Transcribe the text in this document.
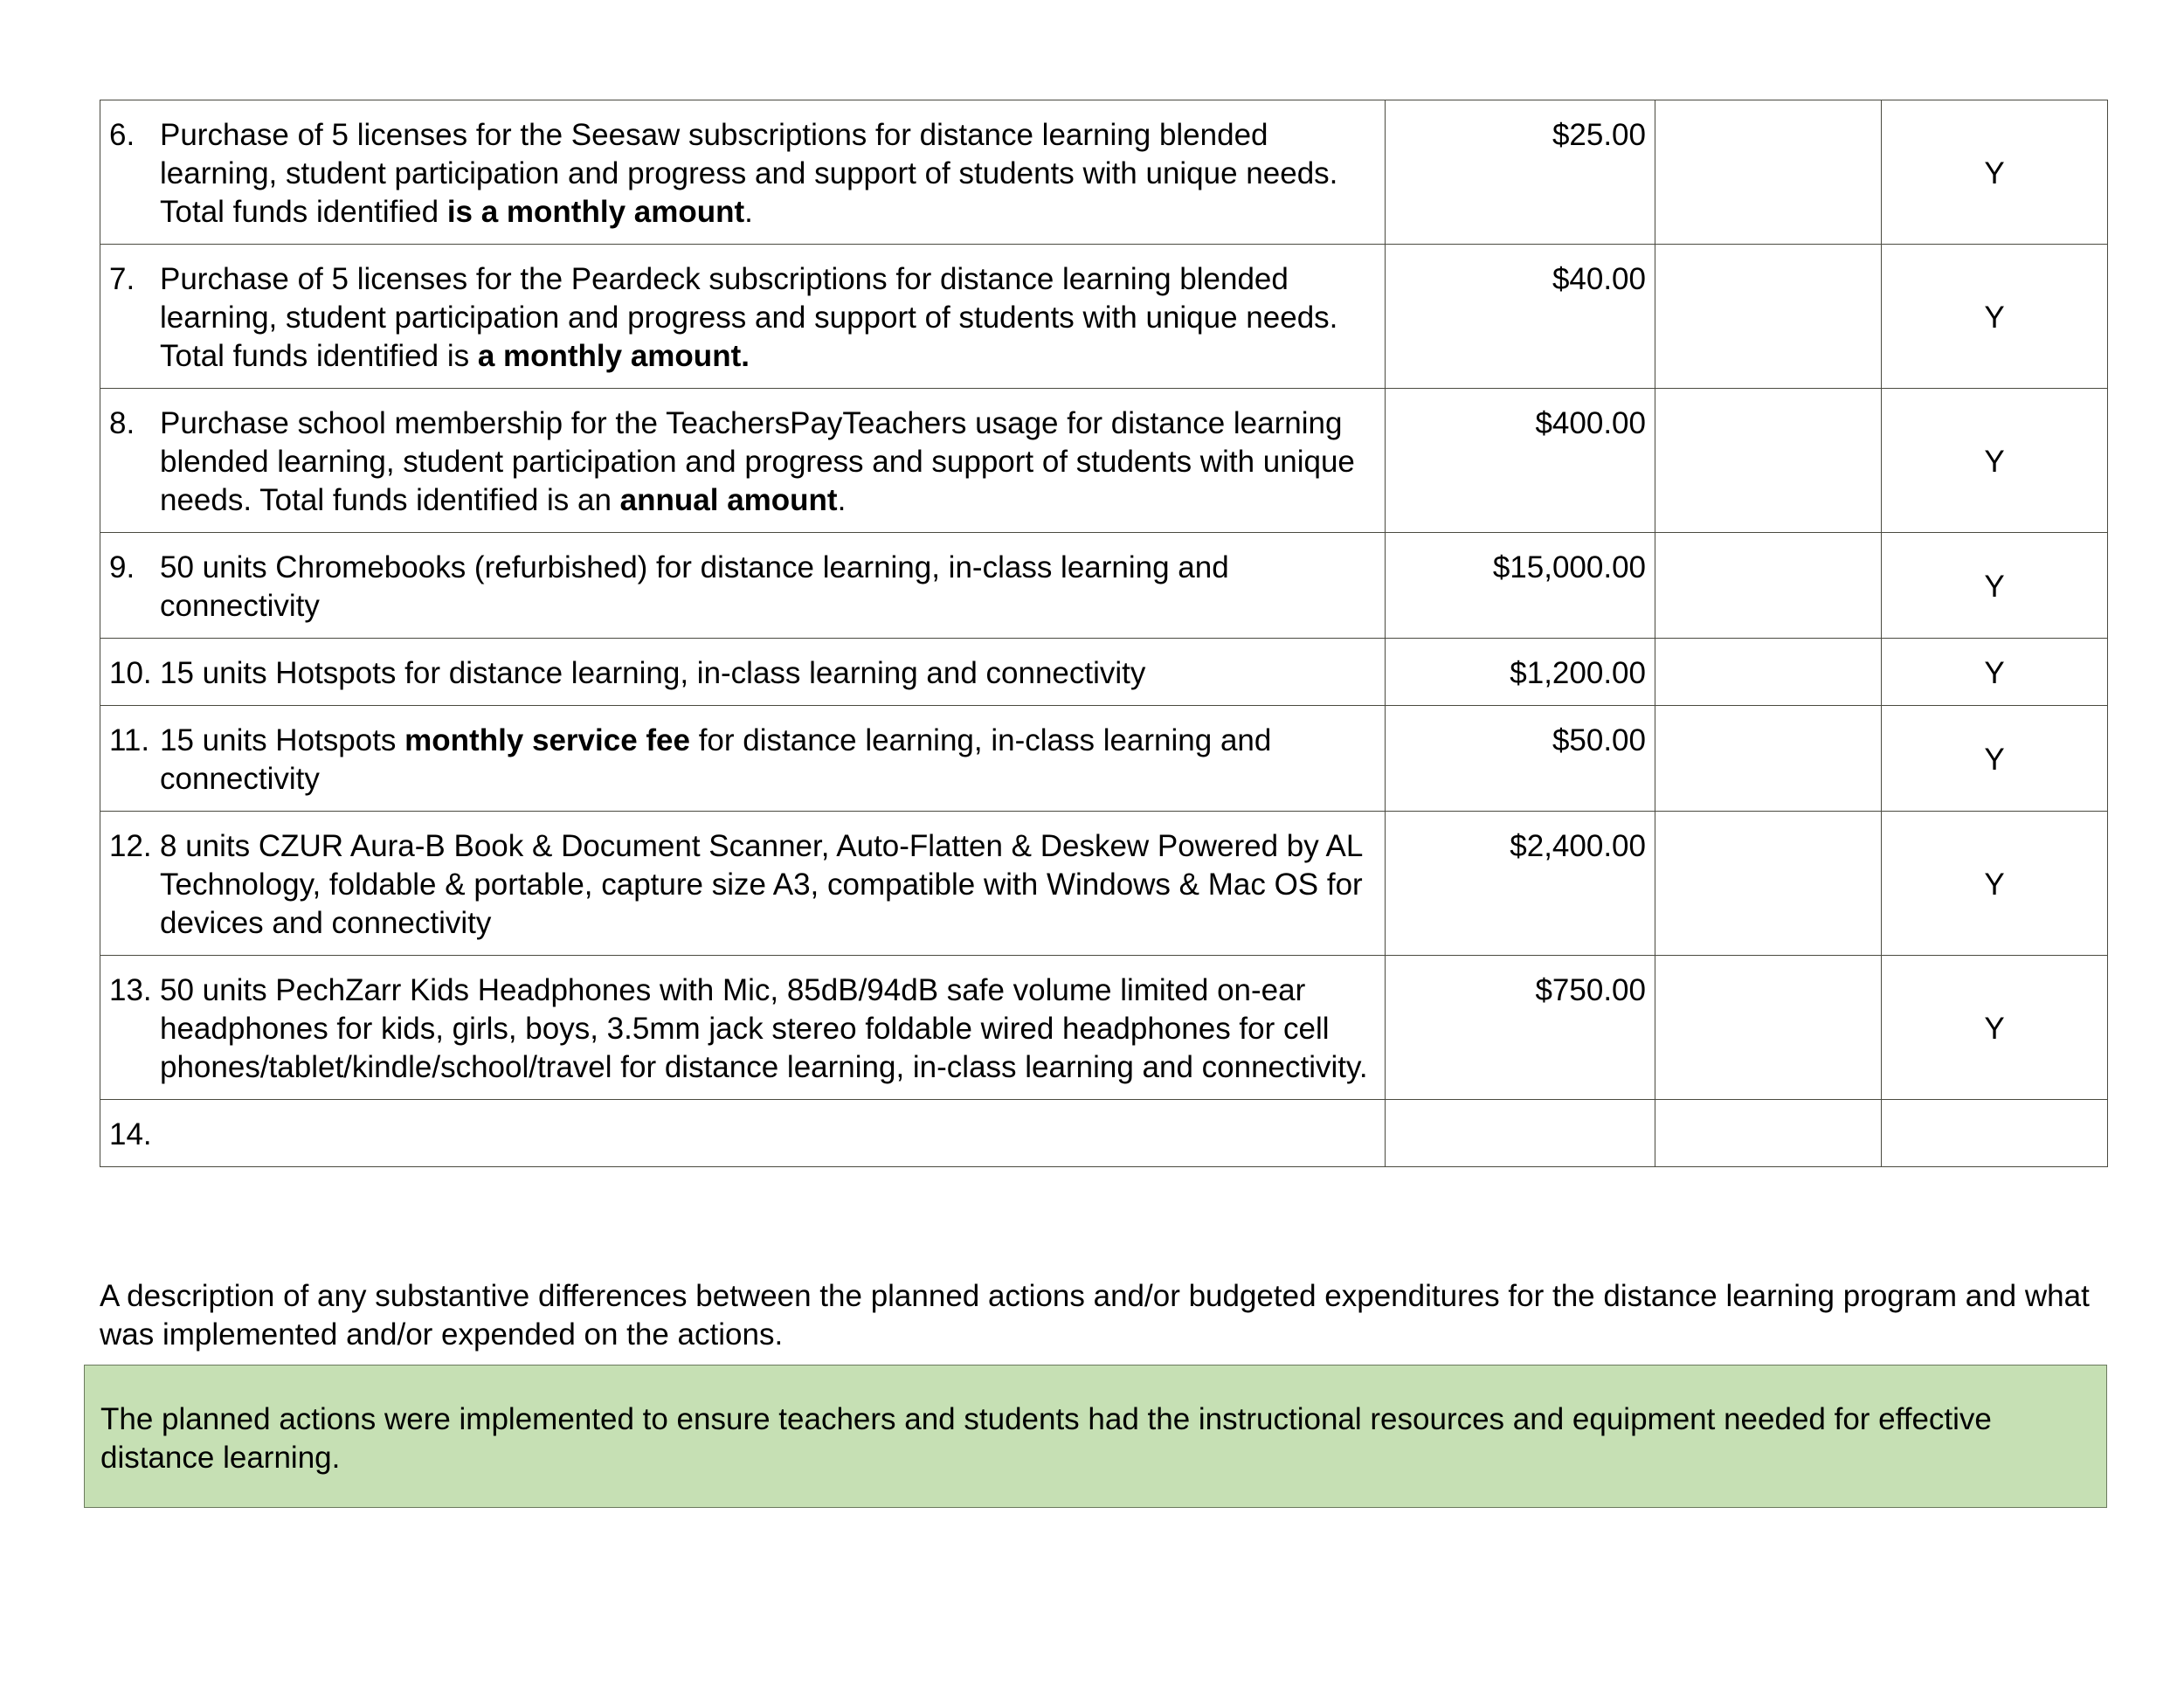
6. Purchase of 5 licenses for the Seesaw subscriptions for distance learning blended learning, student participation and progress and support of students with unique needs. Total funds identified is a monthly amount.	$25.00		Y

7. Purchase of 5 licenses for the Peardeck subscriptions for distance learning blended learning, student participation and progress and support of students with unique needs. Total funds identified is a monthly amount.	$40.00		Y

8. Purchase school membership for the TeachersPayTeachers usage for distance learning blended learning, student participation and progress and support of students with unique needs. Total funds identified is an annual amount.	$400.00		Y

9. 50 units Chromebooks (refurbished) for distance learning, in-class learning and connectivity	$15,000.00		Y

10. 15 units Hotspots for distance learning, in-class learning and connectivity	$1,200.00		Y

11. 15 units Hotspots monthly service fee for distance learning, in-class learning and connectivity	$50.00		Y

12. 8 units CZUR Aura-B Book & Document Scanner, Auto-Flatten & Deskew Powered by AL Technology, foldable & portable, capture size A3, compatible with Windows & Mac OS for devices and connectivity	$2,400.00		Y

13. 50 units PechZarr Kids Headphones with Mic, 85dB/94dB safe volume limited on-ear headphones for kids, girls, boys, 3.5mm jack stereo foldable wired headphones for cell phones/tablet/kindle/school/travel for distance learning, in-class learning and connectivity.	$750.00		Y

14.			

A description of any substantive differences between the planned actions and/or budgeted expenditures for the distance learning program and what was implemented and/or expended on the actions.
The planned actions were implemented to ensure teachers and students had the instructional resources and equipment needed for effective distance learning.
